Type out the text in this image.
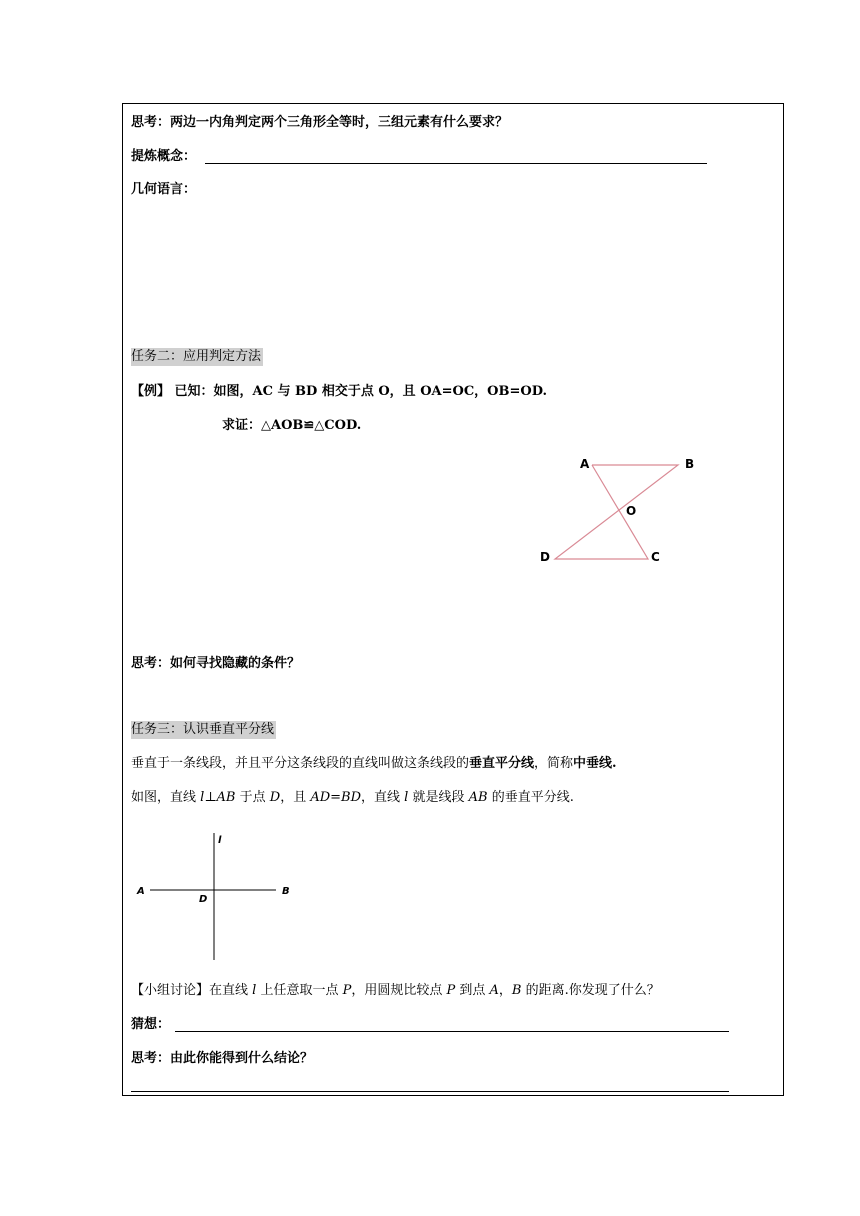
思考：两边一内角判定两个三角形全等时，三组元素有什么要求？
提炼概念：
几何语言：
任务二：应用判定方法
【例】 已知：如图，AC 与 BD 相交于点 O，且 OA=OC，OB=OD.
求证：△AOB≌△COD.
A	B
O
D	C
思考：如何寻找隐藏的条件？
任务三：认识垂直平分线
垂直于一条线段，并且平分这条线段的直线叫做这条线段的垂直平分线，简称中垂线.
如图，直线 l⊥AB 于点 D，且 AD=BD，直线 l 就是线段 AB 的垂直平分线.
l
A	B
D
【小组讨论】在直线 l 上任意取一点 P，用圆规比较点 P 到点 A，B 的距离.你发现了什么？
猜想：
思考：由此你能得到什么结论？
